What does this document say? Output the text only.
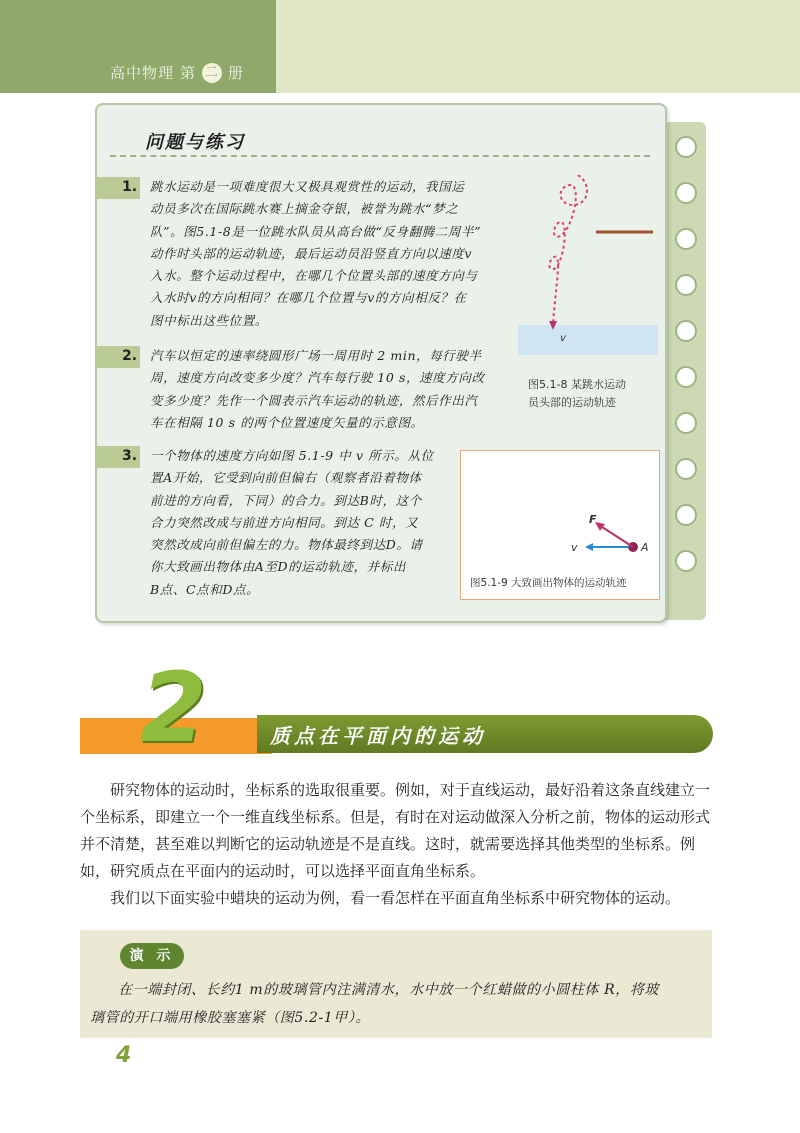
高中物理 第 二 册
问题与练习
1. 跳水运动是一项难度很大又极具观赏性的运动，我国运
动员多次在国际跳水赛上摘金夺银，被誉为跳水“梦之
队”。图5.1-8是一位跳水队员从高台做“反身翻腾二周半”
动作时头部的运动轨迹，最后运动员沿竖直方向以速度v
入水。整个运动过程中，在哪几个位置头部的速度方向与
入水时v的方向相同？在哪几个位置与v的方向相反？在
图中标出这些位置。
v
图5.1-8 某跳水运动
员头部的运动轨迹
2. 汽车以恒定的速率绕圆形广场一周用时 2 min，每行驶半
周，速度方向改变多少度？汽车每行驶 10 s，速度方向改
变多少度？先作一个圆表示汽车运动的轨迹，然后作出汽
车在相隔 10 s 的两个位置速度矢量的示意图。
3. 一个物体的速度方向如图 5.1-9 中 v 所示。从位
置A开始，它受到向前但偏右（观察者沿着物体
前进的方向看，下同）的合力。到达B时，这个
合力突然改成与前进方向相同。到达 C 时，又
突然改成向前但偏左的力。物体最终到达D。请
你大致画出物体由A至D的运动轨迹，并标出
B点、C点和D点。
F
v	A
图5.1-9 大致画出物体的运动轨迹
2	质点在平面内的运动

研究物体的运动时，坐标系的选取很重要。例如，对于直线运动，最好沿着这条直线建立一个坐标系，即建立一个一维直线坐标系。但是，有时在对运动做深入分析之前，物体的运动形式并不清楚，甚至难以判断它的运动轨迹是不是直线。这时，就需要选择其他类型的坐标系。例如，研究质点在平面内的运动时，可以选择平面直角坐标系。

我们以下面实验中蜡块的运动为例，看一看怎样在平面直角坐标系中研究物体的运动。

演 示
在一端封闭、长约1 m的玻璃管内注满清水，水中放一个红蜡做的小圆柱体 R，将玻
璃管的开口端用橡胶塞塞紧（图5.2-1甲）。
4
